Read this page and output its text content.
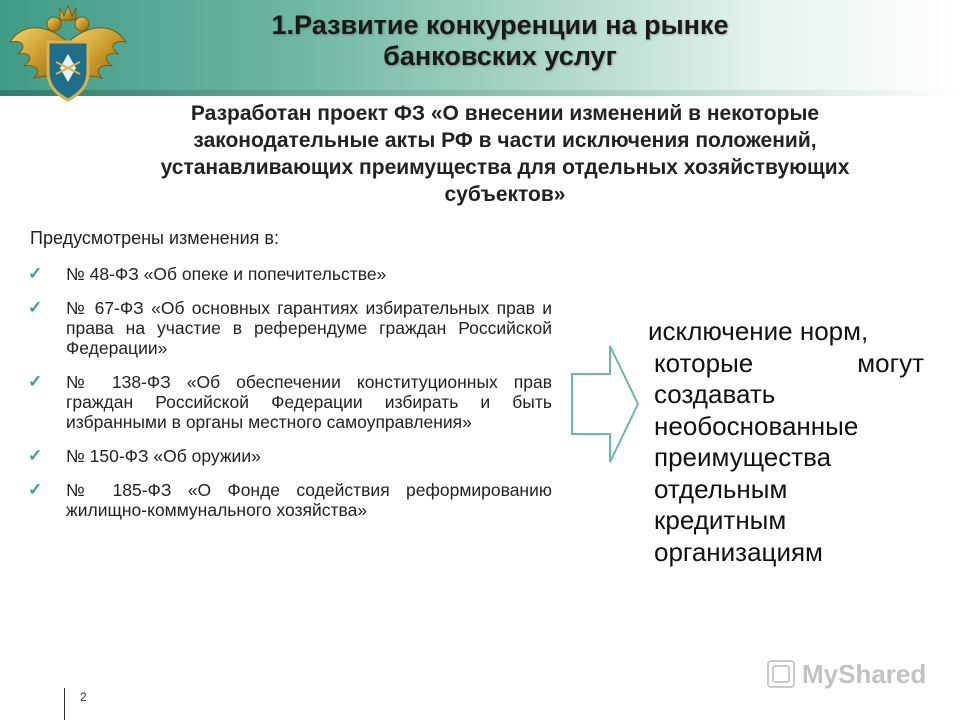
1.Развитие конкуренции на рынке
банковских услуг
Разработан проект ФЗ «О внесении изменений в некоторые
законодательные акты РФ в части исключения положений,
устанавливающих преимущества для отдельных хозяйствующих
субъектов»
Предусмотрены изменения в:
✓ № 48-ФЗ «Об опеке и попечительстве»
✓ № 67-ФЗ «Об основных гарантиях избирательных прав и права на участие в референдуме граждан Российской Федерации»
✓ № 138-ФЗ «Об обеспечении конституционных прав граждан Российской Федерации избирать и быть избранными в органы местного самоуправления»
✓ № 150-ФЗ «Об оружии»
✓ № 185-ФЗ «О Фонде содействия реформированию жилищно-коммунального хозяйства»
исключение норм,
которые	могут
создавать
необоснованные
преимущества
отдельным
кредитным
организациям
2
MyShared
